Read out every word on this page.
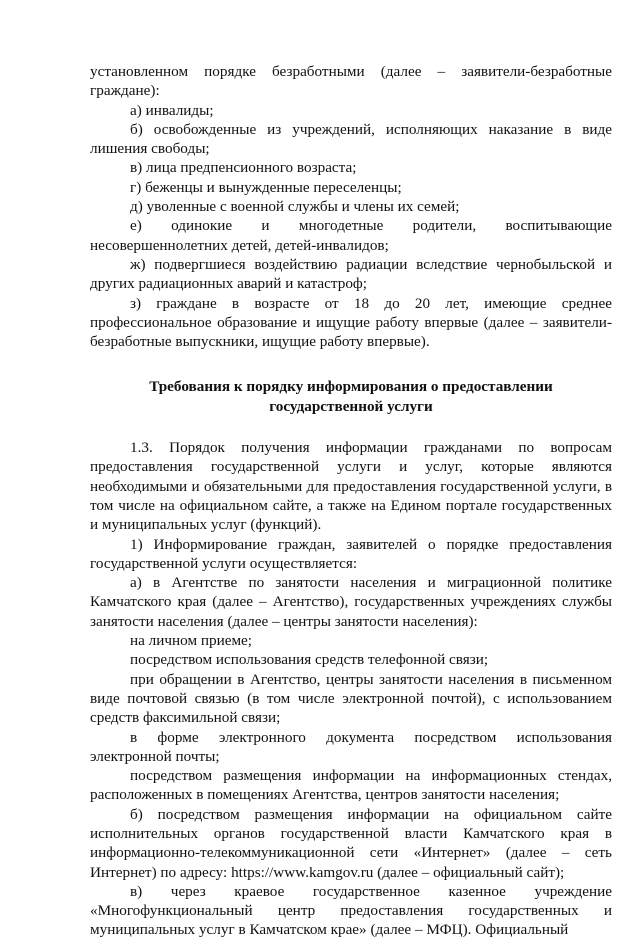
установленном порядке безработными (далее – заявители-безработные граждане):

а) инвалиды;

б) освобожденные из учреждений, исполняющих наказание в виде лишения свободы;

в) лица предпенсионного возраста;

г) беженцы и вынужденные переселенцы;

д) уволенные с военной службы и члены их семей;

е) одинокие и многодетные родители, воспитывающие несовершеннолетних детей, детей-инвалидов;

ж) подвергшиеся воздействию радиации вследствие чернобыльской и других радиационных аварий и катастроф;

з) граждане в возрасте от 18 до 20 лет, имеющие среднее профессиональное образование и ищущие работу впервые (далее – заявители-безработные выпускники, ищущие работу впервые).

Требования к порядку информирования о предоставлении государственной услуги

1.3. Порядок получения информации гражданами по вопросам предоставления государственной услуги и услуг, которые являются необходимыми и обязательными для предоставления государственной услуги, в том числе на официальном сайте, а также на Едином портале государственных и муниципальных услуг (функций).

1) Информирование граждан, заявителей о порядке предоставления государственной услуги осуществляется:

а) в Агентстве по занятости населения и миграционной политике Камчатского края (далее – Агентство), государственных учреждениях службы занятости населения (далее – центры занятости населения):

на личном приеме;

посредством использования средств телефонной связи;

при обращении в Агентство, центры занятости населения в письменном виде почтовой связью (в том числе электронной почтой), с использованием средств факсимильной связи;

в форме электронного документа посредством использования электронной почты;

посредством размещения информации на информационных стендах, расположенных в помещениях Агентства, центров занятости населения;

б) посредством размещения информации на официальном сайте исполнительных органов государственной власти Камчатского края в информационно-телекоммуникационной сети «Интернет» (далее – сеть Интернет) по адресу: https://www.kamgov.ru (далее – официальный сайт);

в) через краевое государственное казенное учреждение «Многофункциональный центр предоставления государственных и муниципальных услуг в Камчатском крае» (далее – МФЦ). Официальный
